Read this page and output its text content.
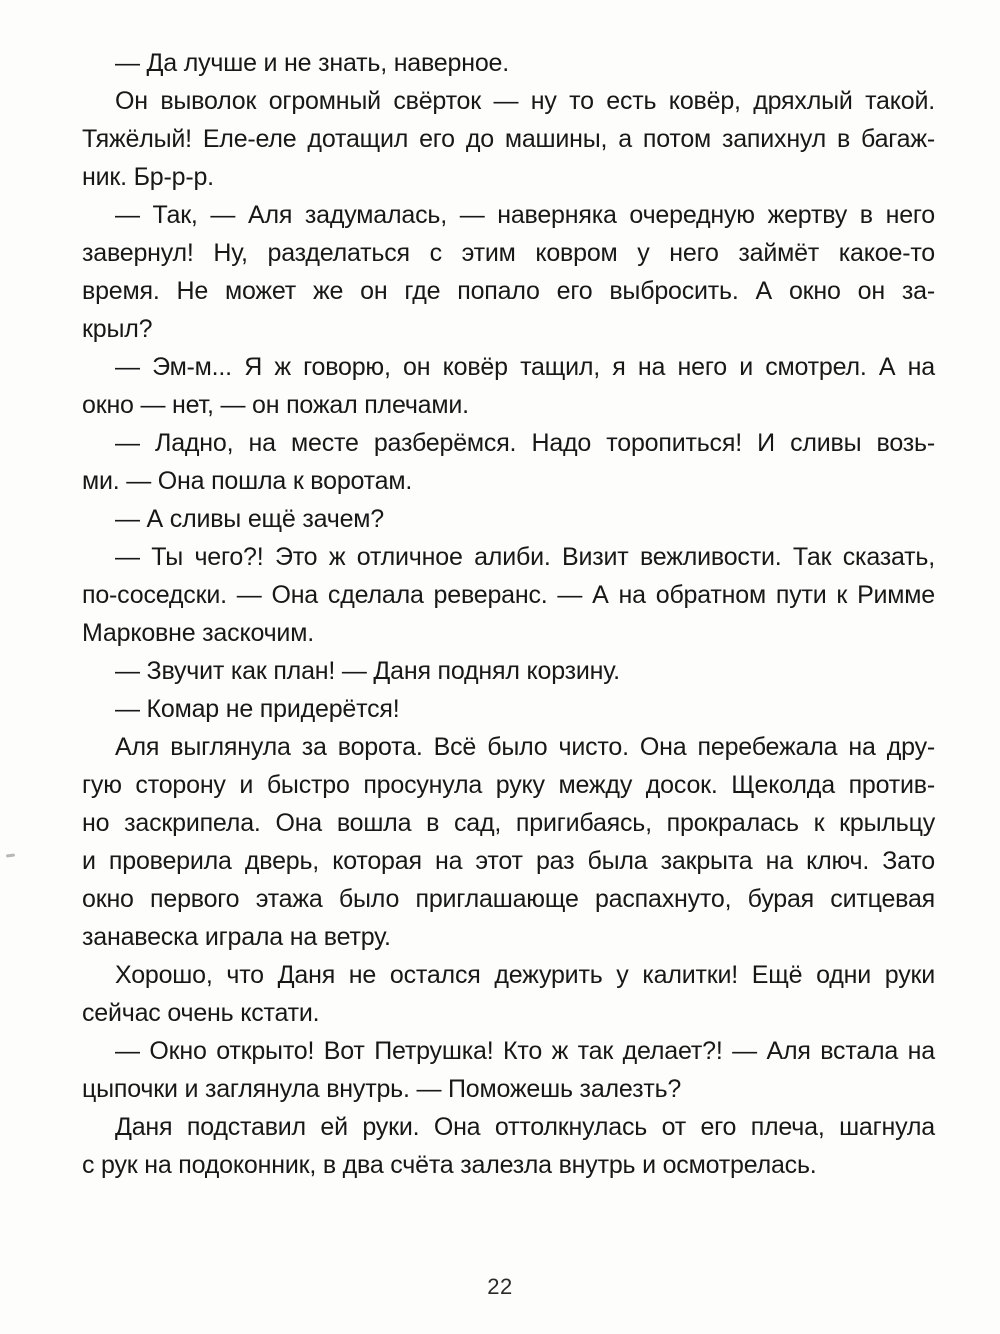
— Да лучше и не знать, наверное.
Он выволок огромный свёрток — ну то есть ковёр, дряхлый такой.
Тяжёлый! Еле-еле дотащил его до машины, а потом запихнул в багаж-
ник. Бр-р-р.
— Так, — Аля задумалась, — наверняка очередную жертву в него
завернул! Ну, разделаться с этим ковром у него займёт какое-то
время. Не может же он где попало его выбросить. А окно он за-
крыл?
— Эм-м... Я ж говорю, он ковёр тащил, я на него и смотрел. А на
окно — нет, — он пожал плечами.
— Ладно, на месте разберёмся. Надо торопиться! И сливы возь-
ми. — Она пошла к воротам.
— А сливы ещё зачем?
— Ты чего?! Это ж отличное алиби. Визит вежливости. Так сказать,
по-соседски. — Она сделала реверанс. — А на обратном пути к Римме
Марковне заскочим.
— Звучит как план! — Даня поднял корзину.
— Комар не придерётся!
Аля выглянула за ворота. Всё было чисто. Она перебежала на дру-
гую сторону и быстро просунула руку между досок. Щеколда против-
но заскрипела. Она вошла в сад, пригибаясь, прокралась к крыльцу
и проверила дверь, которая на этот раз была закрыта на ключ. Зато
окно первого этажа было приглашающе распахнуто, бурая ситцевая
занавеска играла на ветру.
Хорошо, что Даня не остался дежурить у калитки! Ещё одни руки
сейчас очень кстати.
— Окно открыто! Вот Петрушка! Кто ж так делает?! — Аля встала на
цыпочки и заглянула внутрь. — Поможешь залезть?
Даня подставил ей руки. Она оттолкнулась от его плеча, шагнула
с рук на подоконник, в два счёта залезла внутрь и осмотрелась.
22
